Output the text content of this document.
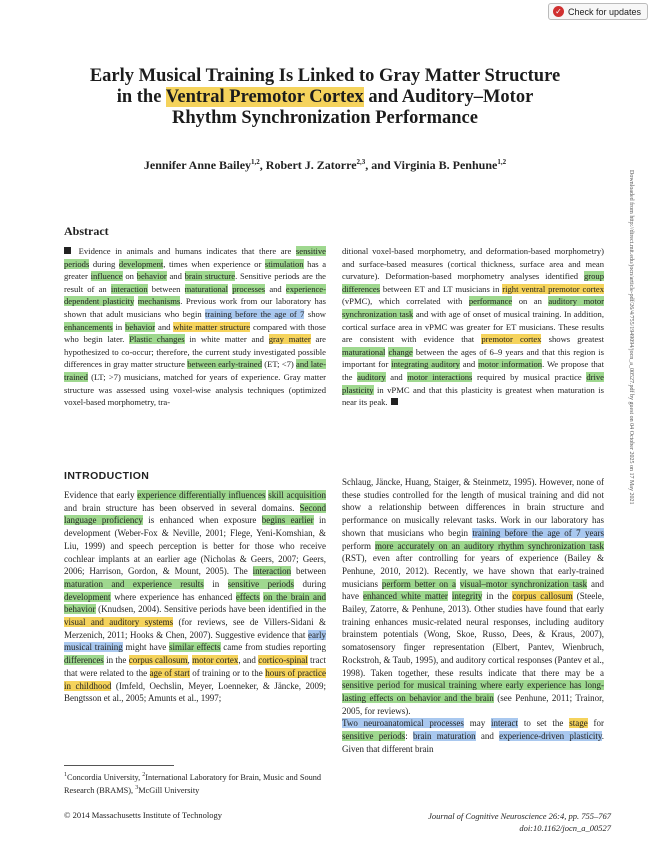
✓ Check for updates
Early Musical Training Is Linked to Gray Matter Structure
in the Ventral Premotor Cortex and Auditory–Motor
Rhythm Synchronization Performance
Jennifer Anne Bailey$^{1,2}$, Robert J. Zatorre$^{2,3}$, and Virginia B. Penhune$^{1,2}$
Downloaded from http://direct.mit.edu/jocn/article-pdf/26/4/755/1949094/jocn_a_00527.pdf by guest on 04 October 2025 on 17 May 2021
Abstract
Evidence in animals and humans indicates that there are sensitive periods during development, times when experience or stimulation has a greater influence on behavior and brain structure. Sensitive periods are the result of an interaction between maturational processes and experience-dependent plasticity mechanisms. Previous work from our laboratory has shown that adult musicians who begin training before the age of 7 show enhancements in behavior and white matter structure compared with those who begin later. Plastic changes in white matter and gray matter are hypothesized to co-occur; therefore, the current study investigated possible differences in gray matter structure between early-trained (ET; <7) and late-trained (LT; >7) musicians, matched for years of experience. Gray matter structure was assessed using voxel-wise analysis techniques (optimized voxel-based morphometry, tra-
ditional voxel-based morphometry, and deformation-based morphometry) and surface-based measures (cortical thickness, surface area and mean curvature). Deformation-based morphometry analyses identified group differences between ET and LT musicians in right ventral premotor cortex (vPMC), which correlated with performance on an auditory motor synchronization task and with age of onset of musical training. In addition, cortical surface area in vPMC was greater for ET musicians. These results are consistent with evidence that premotor cortex shows greatest maturational change between the ages of 6–9 years and that this region is important for integrating auditory and motor information. We propose that the auditory and motor interactions required by musical practice drive plasticity in vPMC and that this plasticity is greatest when maturation is near its peak.
INTRODUCTION
Evidence that early experience differentially influences skill acquisition and brain structure has been observed in several domains. Second language proficiency is enhanced when exposure begins earlier in development (Weber-Fox & Neville, 2001; Flege, Yeni-Komshian, & Liu, 1999) and speech perception is better for those who receive cochlear implants at an earlier age (Nicholas & Geers, 2007; Geers, 2006; Harrison, Gordon, & Mount, 2005). The interaction between maturation and experience results in sensitive periods during development where experience has enhanced effects on the brain and behavior (Knudsen, 2004). Sensitive periods have been identified in the visual and auditory systems (for reviews, see de Villers-Sidani & Merzenich, 2011; Hooks & Chen, 2007). Suggestive evidence that early musical training might have similar effects came from studies reporting differences in the corpus callosum, motor cortex, and cortico-spinal tract that were related to the age of start of training or to the hours of practice in childhood (Imfeld, Oechslin, Meyer, Loenneker, & Jäncke, 2009; Bengtsson et al., 2005; Amunts et al., 1997;
Schlaug, Jäncke, Huang, Staiger, & Steinmetz, 1995). However, none of these studies controlled for the length of musical training and did not show a relationship between differences in brain structure and performance on musically relevant tasks. Work in our laboratory has shown that musicians who begin training before the age of 7 years perform more accurately on an auditory rhythm synchronization task (RST), even after controlling for years of experience (Bailey & Penhune, 2010, 2012). Recently, we have shown that early-trained musicians perform better on a visual–motor synchronization task and have enhanced white matter integrity in the corpus callosum (Steele, Bailey, Zatorre, & Penhune, 2013). Other studies have found that early training enhances music-related neural responses, including auditory brainstem potentials (Wong, Skoe, Russo, Dees, & Kraus, 2007), somatosensory finger representation (Elbert, Pantev, Wienbruch, Rockstroh, & Taub, 1995), and auditory cortical responses (Pantev et al., 1998). Taken together, these results indicate that there may be a sensitive period for musical training where early experience has long-lasting effects on behavior and the brain (see Penhune, 2011; Trainor, 2005, for reviews).
Two neuroanatomical processes may interact to set the stage for sensitive periods: brain maturation and experience-driven plasticity. Given that different brain
$^1$Concordia University, $^2$International Laboratory for Brain, Music and Sound Research (BRAMS), $^3$McGill University
© 2014 Massachusetts Institute of Technology	Journal of Cognitive Neuroscience 26:4, pp. 755–767
doi:10.1162/jocn_a_00527
